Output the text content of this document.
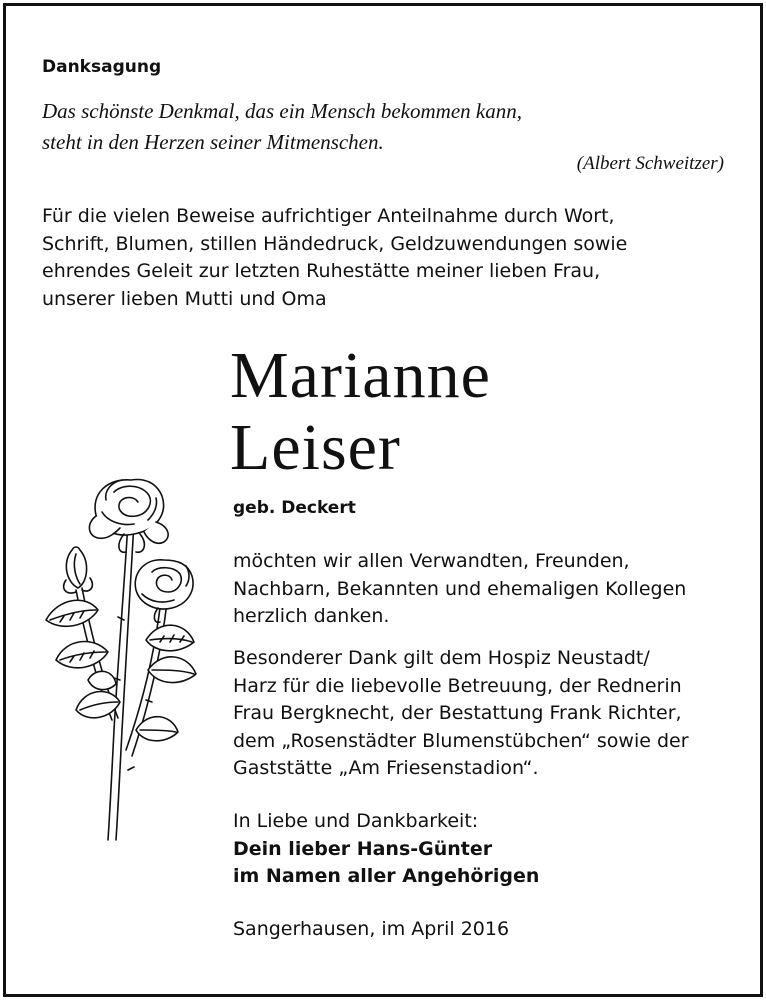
Danksagung

Das schönste Denkmal, das ein Mensch bekommen kann,
steht in den Herzen seiner Mitmenschen.

(Albert Schweitzer)

Für die vielen Beweise aufrichtiger Anteilnahme durch Wort,
Schrift, Blumen, stillen Händedruck, Geldzuwendungen sowie
ehrendes Geleit zur letzten Ruhestätte meiner lieben Frau,
unserer lieben Mutti und Oma

Marianne
Leiser

geb. Deckert

möchten wir allen Verwandten, Freunden,
Nachbarn, Bekannten und ehemaligen Kollegen
herzlich danken.

Besonderer Dank gilt dem Hospiz Neustadt/
Harz für die liebevolle Betreuung, der Rednerin
Frau Bergknecht, der Bestattung Frank Richter,
dem „Rosenstädter Blumenstübchen“ sowie der
Gaststätte „Am Friesenstadion“.

In Liebe und Dankbarkeit:
Dein lieber Hans-Günter
im Namen aller Angehörigen

Sangerhausen, im April 2016
